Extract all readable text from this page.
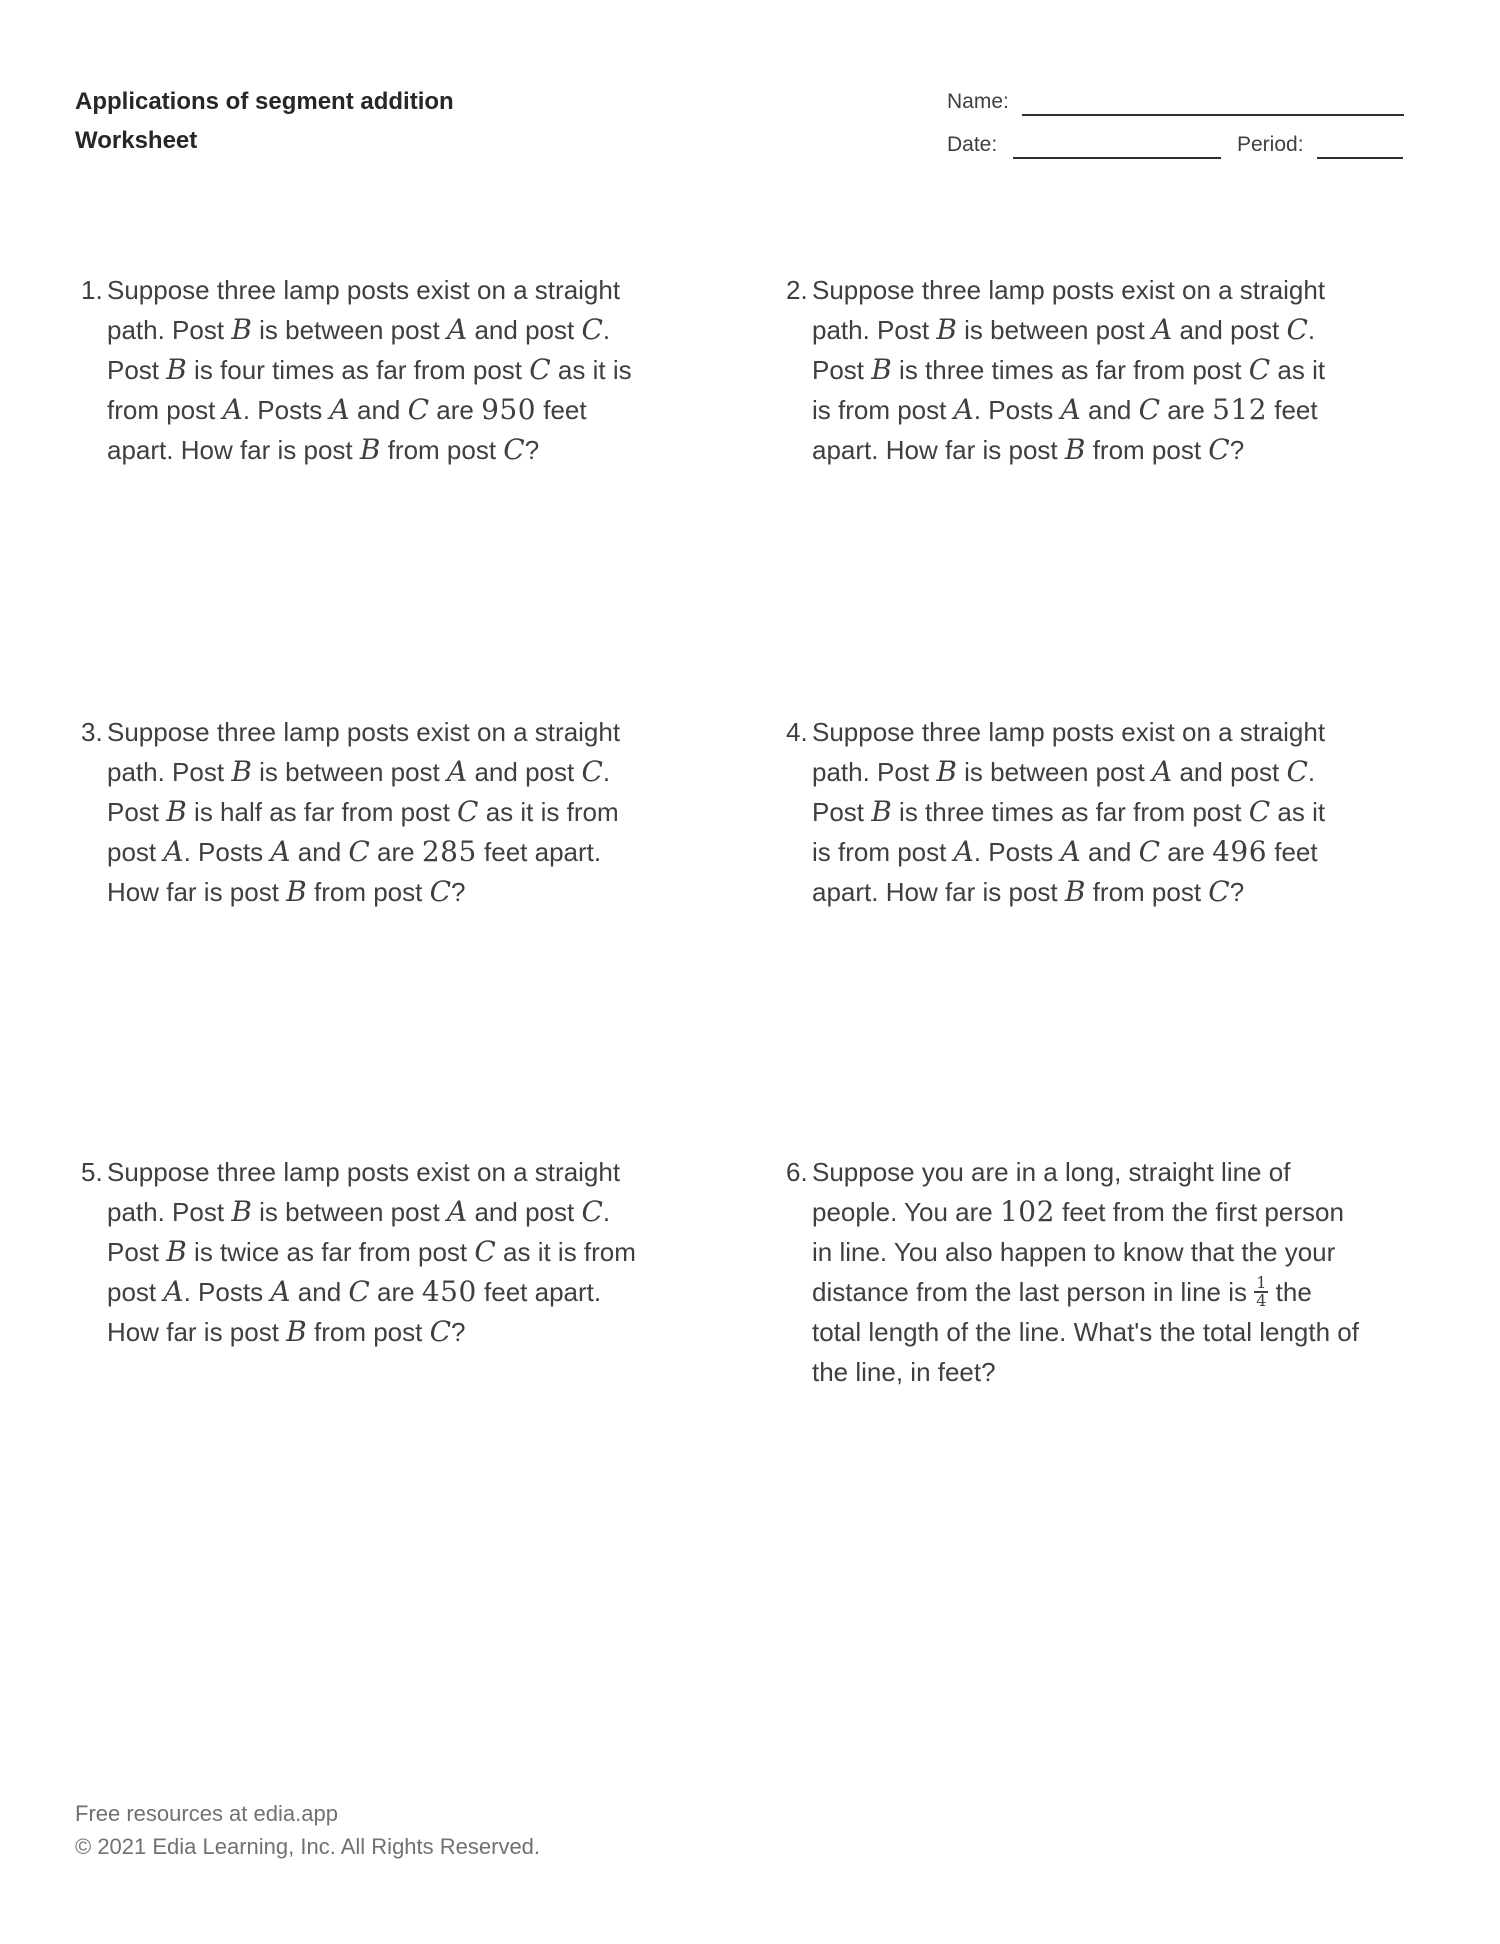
Applications of segment addition
Worksheet
Name:
Date:	Period:
1. Suppose three lamp posts exist on a straight path. Post B is between post A and post C. Post B is four times as far from post C as it is from post A. Posts A and C are 950 feet apart. How far is post B from post C?
2. Suppose three lamp posts exist on a straight path. Post B is between post A and post C. Post B is three times as far from post C as it is from post A. Posts A and C are 512 feet apart. How far is post B from post C?
3. Suppose three lamp posts exist on a straight path. Post B is between post A and post C. Post B is half as far from post C as it is from post A. Posts A and C are 285 feet apart. How far is post B from post C?
4. Suppose three lamp posts exist on a straight path. Post B is between post A and post C. Post B is three times as far from post C as it is from post A. Posts A and C are 496 feet apart. How far is post B from post C?
5. Suppose three lamp posts exist on a straight path. Post B is between post A and post C. Post B is twice as far from post C as it is from post A. Posts A and C are 450 feet apart. How far is post B from post C?
6. Suppose you are in a long, straight line of people. You are 102 feet from the first person in line. You also happen to know that the your distance from the last person in line is $\frac{1}{4}$ the total length of the line. What's the total length of the line, in feet?
Free resources at edia.app
© 2021 Edia Learning, Inc. All Rights Reserved.
